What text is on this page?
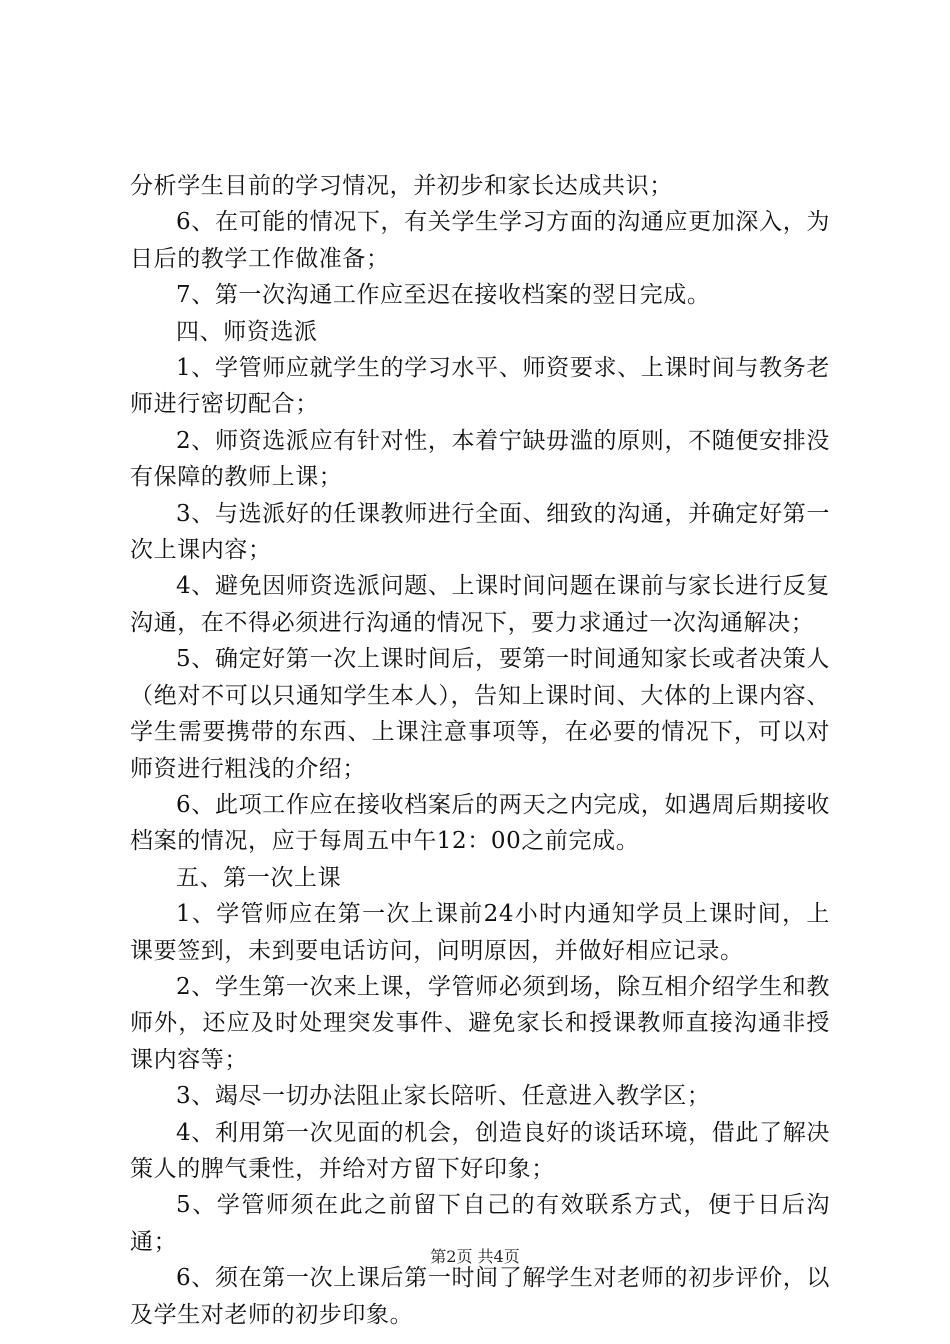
分析学生目前的学习情况，并初步和家长达成共识；

6、在可能的情况下，有关学生学习方面的沟通应更加深入，为日后的教学工作做准备；

7、第一次沟通工作应至迟在接收档案的翌日完成。

四、师资选派

1、学管师应就学生的学习水平、师资要求、上课时间与教务老师进行密切配合；

2、师资选派应有针对性，本着宁缺毋滥的原则，不随便安排没有保障的教师上课；

3、与选派好的任课教师进行全面、细致的沟通，并确定好第一次上课内容；

4、避免因师资选派问题、上课时间问题在课前与家长进行反复沟通，在不得必须进行沟通的情况下，要力求通过一次沟通解决；

5、确定好第一次上课时间后，要第一时间通知家长或者决策人（绝对不可以只通知学生本人），告知上课时间、大体的上课内容、学生需要携带的东西、上课注意事项等，在必要的情况下，可以对师资进行粗浅的介绍；

6、此项工作应在接收档案后的两天之内完成，如遇周后期接收档案的情况，应于每周五中午12：00之前完成。

五、第一次上课

1、学管师应在第一次上课前24小时内通知学员上课时间，上课要签到，未到要电话访问，问明原因，并做好相应记录。

2、学生第一次来上课，学管师必须到场，除互相介绍学生和教师外，还应及时处理突发事件、避免家长和授课教师直接沟通非授课内容等；

3、竭尽一切办法阻止家长陪听、任意进入教学区；

4、利用第一次见面的机会，创造良好的谈话环境，借此了解决策人的脾气秉性，并给对方留下好印象；

5、学管师须在此之前留下自己的有效联系方式，便于日后沟通；

6、须在第一次上课后第一时间了解学生对老师的初步评价，以及学生对老师的初步印象。

第2页 共4页
